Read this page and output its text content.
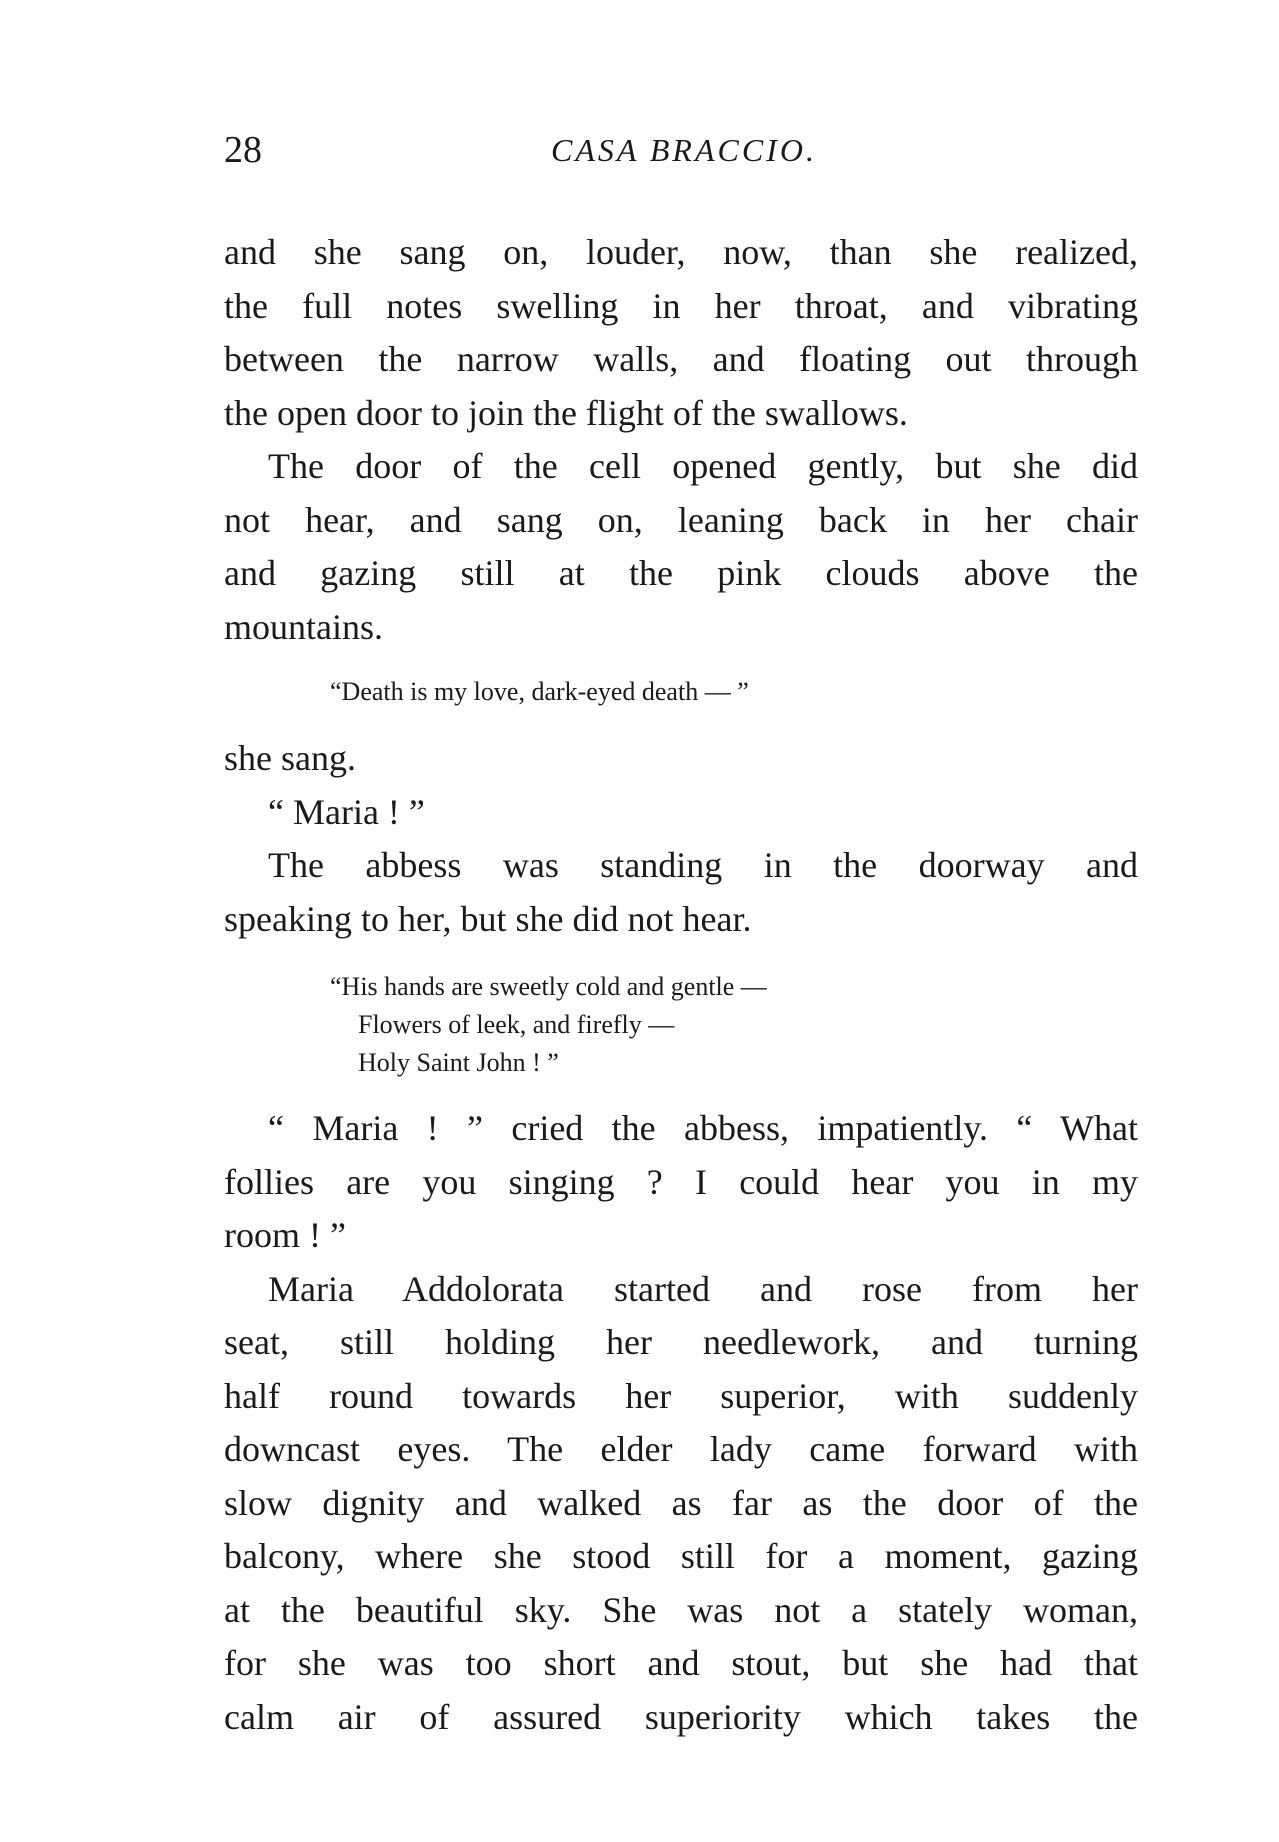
28	CASA BRACCIO.
and she sang on, louder, now, than she realized,
the full notes swelling in her throat, and vibrating
between the narrow walls, and floating out through
the open door to join the flight of the swallows.
The door of the cell opened gently, but she did
not hear, and sang on, leaning back in her chair
and gazing still at the pink clouds above the
mountains.
“Death is my love, dark-eyed death — ”
she sang.
“ Maria ! ”
The abbess was standing in the doorway and
speaking to her, but she did not hear.
“His hands are sweetly cold and gentle —
Flowers of leek, and firefly —
Holy Saint John ! ”
“ Maria ! ” cried the abbess, impatiently. “ What
follies are you singing ? I could hear you in my
room ! ”
Maria Addolorata started and rose from her
seat, still holding her needlework, and turning
half round towards her superior, with suddenly
downcast eyes. The elder lady came forward with
slow dignity and walked as far as the door of the
balcony, where she stood still for a moment, gazing
at the beautiful sky. She was not a stately woman,
for she was too short and stout, but she had that
calm air of assured superiority which takes the
